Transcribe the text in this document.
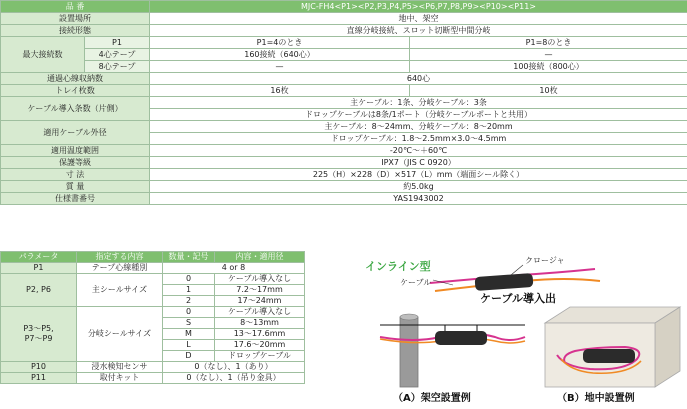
品 番		MJC-FH4<P1><P2,P3,P4,P5><P6,P7,P8,P9><P10><P11>	
設置場所		地中、架空	
接続形態		直線分岐接続、スロット切断型中間分岐	
最大接続数	P1	P1=4のとき	P1=8のとき
	4心テープ	160接続（640心）	—
	8心テープ	—	100接続（800心）
通過心線収納数		640心	
トレイ枚数		16枚	10枚
ケーブル導入条数（片側）		主ケーブル：1条、分岐ケーブル：3条	
		ドロップケーブルは8条/1ポート（分岐ケーブルポートと共用）	
適用ケーブル外径		主ケーブル：8～24mm、分岐ケーブル：8～20mm	
		ドロップケーブル：1.8～2.5mm×3.0～4.5mm	
適用温度範囲		-20℃～＋60℃	
保護等級		IPX7（JIS C 0920）	
寸 法		225（H）×228（D）×517（L）mm（端面シール除く）	
質 量		約5.0kg	
仕様書番号		YAS1943002	
パラメータ	指定する内容	数量・記号	内容・適用径
P1	テープ心線種別	4 or 8	
P2, P6	主シールサイズ	0	ケーブル導入なし
		1	7.2～17mm
		2	17～24mm

P3～P5,
P7～P9	分岐シールサイズ	0	ケーブル導入なし
		S	8～13mm
		M	13～17.6mm
		L	17.6～20mm
		D	ドロップケーブル
P10	浸水検知センサ	0（なし）、1（あり）	
P11	取付キット	0（なし）、1（吊り金具）	
インライン型	クロージャ
ケーブル
ケーブル導入出
（A）架空設置例	（B）地中設置例
